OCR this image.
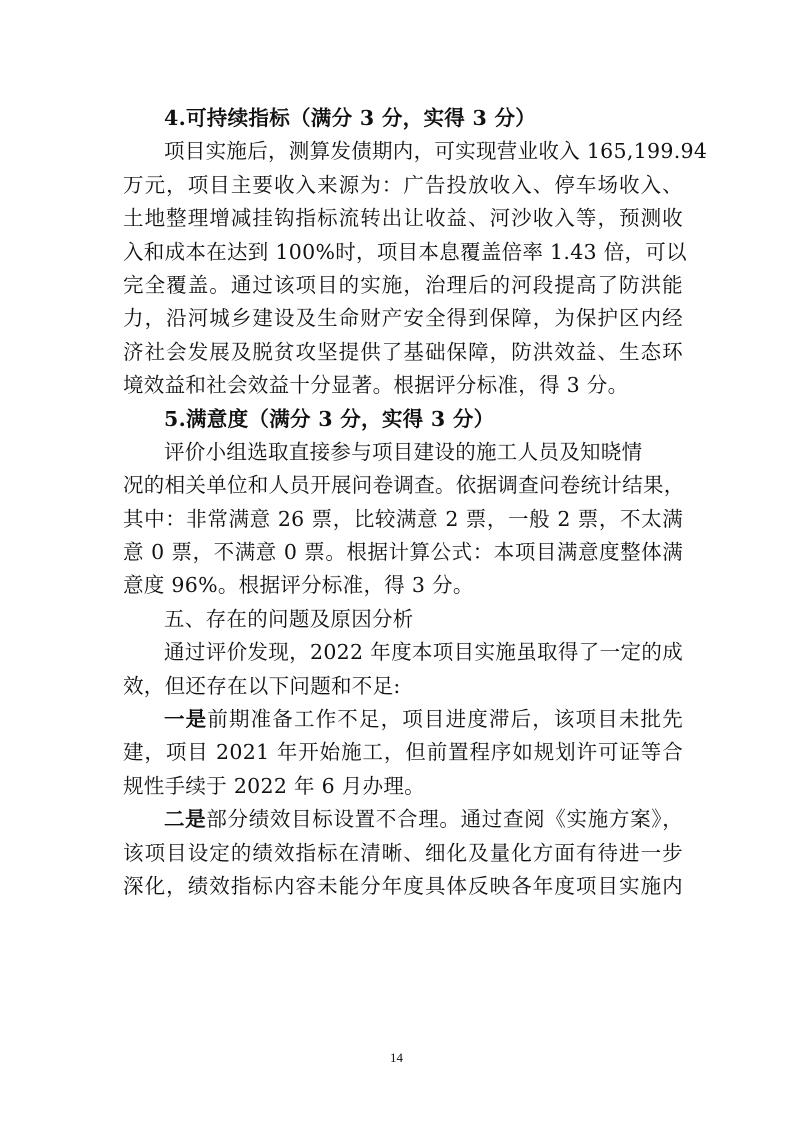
4.可持续指标（满分 3 分，实得 3 分）
项目实施后，测算发债期内，可实现营业收入 165,199.94
万元，项目主要收入来源为：广告投放收入、停车场收入、
土地整理增减挂钩指标流转出让收益、河沙收入等，预测收
入和成本在达到 100%时，项目本息覆盖倍率 1.43 倍，可以
完全覆盖。通过该项目的实施，治理后的河段提高了防洪能
力，沿河城乡建设及生命财产安全得到保障，为保护区内经
济社会发展及脱贫攻坚提供了基础保障，防洪效益、生态环
境效益和社会效益十分显著。根据评分标准，得 3 分。
5.满意度（满分 3 分，实得 3 分）
评价小组选取直接参与项目建设的施工人员及知晓情
况的相关单位和人员开展问卷调查。依据调查问卷统计结果，
其中：非常满意 26 票，比较满意 2 票，一般 2 票，不太满
意 0 票，不满意 0 票。根据计算公式：本项目满意度整体满
意度 96%。根据评分标准，得 3 分。
五、存在的问题及原因分析
通过评价发现，2022 年度本项目实施虽取得了一定的成
效，但还存在以下问题和不足:
一是前期准备工作不足，项目进度滞后，该项目未批先
建，项目 2021 年开始施工，但前置程序如规划许可证等合
规性手续于 2022 年 6 月办理。
二是部分绩效目标设置不合理。通过查阅《实施方案》，
该项目设定的绩效指标在清晰、细化及量化方面有待进一步
深化，绩效指标内容未能分年度具体反映各年度项目实施内
14
